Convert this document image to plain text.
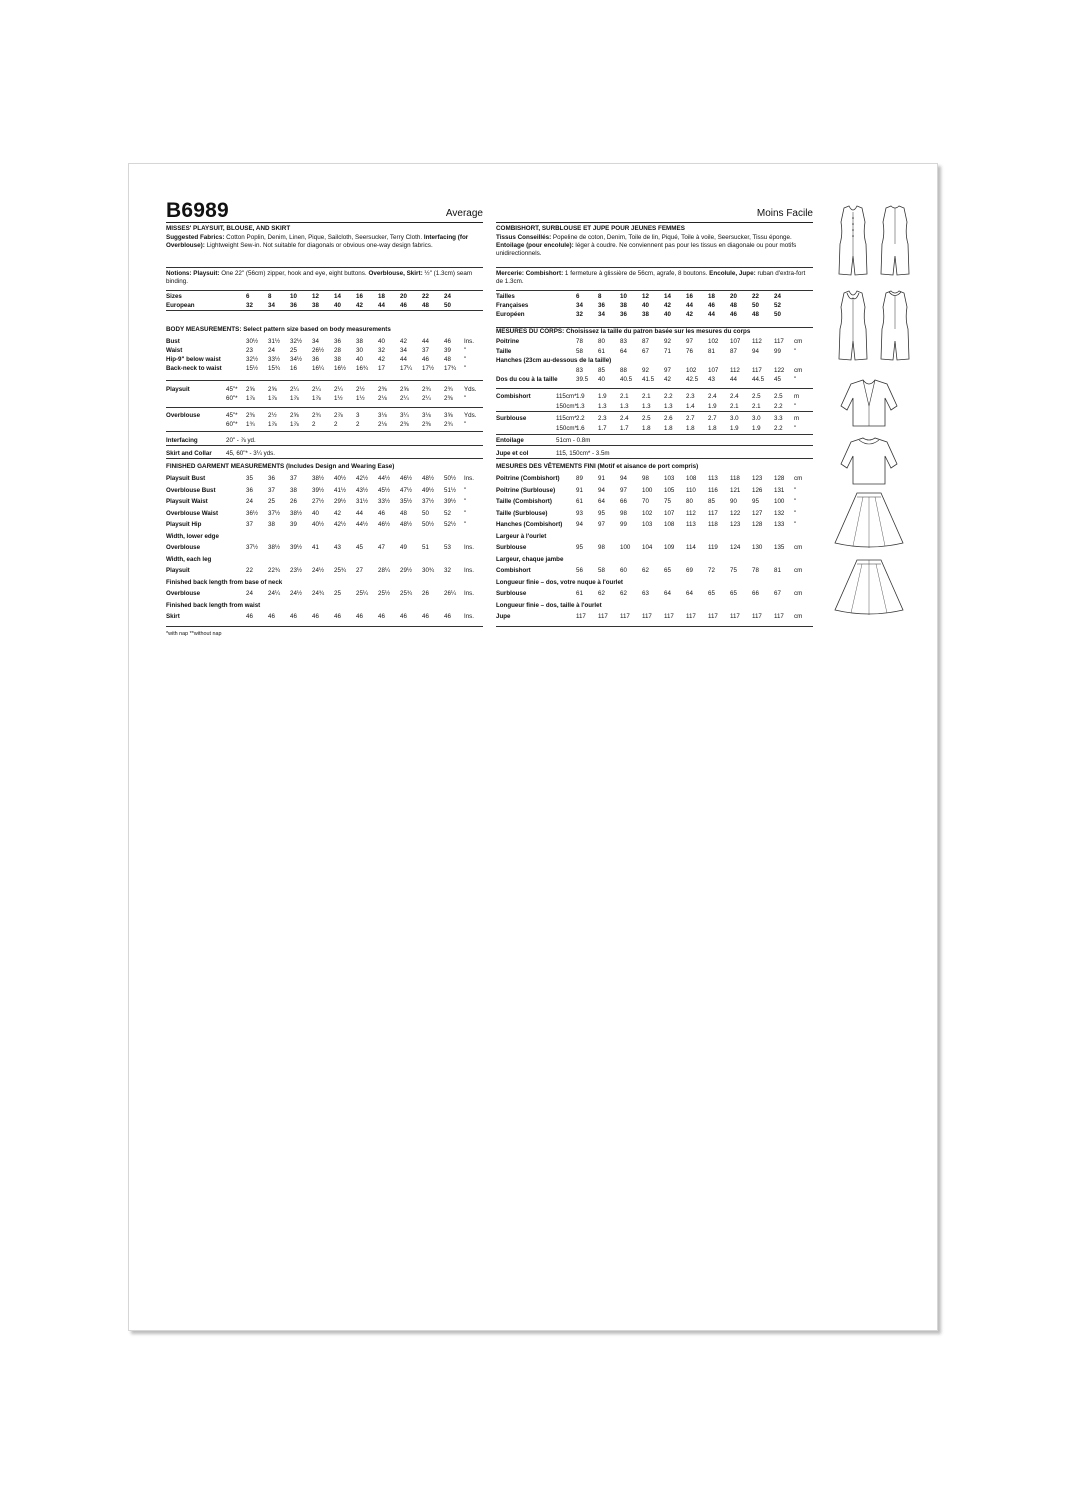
B6989	Average
MISSES' PLAYSUIT, BLOUSE, AND SKIRT
Suggested Fabrics: Cotton Poplin, Denim, Linen, Pique, Sailcloth, Seersucker, Terry Cloth. Interfacing (for Overblouse): Lightweight Sew-in. Not suitable for diagonals or obvious one-way design fabrics.
Notions: Playsuit: One 22" (56cm) zipper, hook and eye, eight buttons. Overblouse, Skirt: ½" (1.3cm) seam binding.
Sizes	6	8	10 12 14 16 18 20 22 24
European	32 34 36 38 40 42 44 46 48 50
BODY MEASUREMENTS: Select pattern size based on body measurements
Bust	30½ 31½ 32½ 34 36 38 40 42 44 46 Ins.
Waist	23 24 25 26½ 28 30 32 34 37 39 "
Hip-9" below waist	32½ 33½ 34½ 36 38 40 42 44 46 48 "
Back-neck to waist	15½ 15¾ 16 16¼ 16½ 16¾ 17 17¼ 17½ 17¾ "
Playsuit	45"* 2⅝ 2⅝ 2¼ 2¼ 2¼ 2½ 2⅜ 2⅝ 2¾ 2¾ Yds.
60"* 1⅞ 1⅞ 1⅞ 1⅞ 1½ 1½ 2⅛ 2¼ 2¼ 2⅜ "
Overblouse	45"* 2⅜ 2½ 2⅝ 2¾ 2⅞ 3	3⅛ 3¼ 3⅛ 3⅝ Yds.
60"* 1¾ 1⅞ 1⅞ 2	2	2	2⅛ 2⅜ 2⅜ 2¾ "
Interfacing	20" - ⅞ yd.
Skirt and Collar 45, 60"* - 3¼ yds.
FINISHED GARMENT MEASUREMENTS (Includes Design and Wearing Ease)
Playsuit Bust	35 36 37 38½ 40½ 42½ 44½ 46½ 48½ 50½ Ins.
Overblouse Bust	36 37 38 39½ 41½ 43½ 45½ 47½ 49½ 51½ "
Playsuit Waist	24 25 26 27½ 29½ 31½ 33½ 35½ 37½ 39½ "
Overblouse Waist	36½ 37½ 38½ 40 42 44 46 48 50 52 "
Playsuit Hip	37 38 39 40½ 42½ 44½ 46½ 48½ 50½ 52½ "
Width, lower edge
Overblouse	37½ 38½ 39½ 41 43 45 47 49 51 53 Ins.
Width, each leg
Playsuit	22 22¾ 23½ 24½ 25¾ 27 28¼ 29½ 30¾ 32 Ins.
Finished back length from base of neck
Overblouse	24 24¼ 24½ 24¾ 25 25¼ 25½ 25¾ 26 26¼ Ins.
Finished back length from waist
Skirt	46 46 46 46 46 46 46 46 46 46 Ins.
*with nap **without nap
Moins Facile
COMBISHORT, SURBLOUSE ET JUPE POUR JEUNES FEMMES
Tissus Conseillés: Popeline de coton, Denim, Toile de lin, Piqué, Toile à voile, Seersucker, Tissu éponge.
Entoilage (pour encolule): léger à coudre. Ne conviennent pas pour les tissus en diagonale ou pour motifs unidirectionnels.
Mercerie: Combishort: 1 fermeture à glissière de 56cm, agrafe, 8 boutons. Encolule, Jupe: ruban d'extra-fort de 1.3cm.
Tailles	6	8	10 12 14 16 18 20 22 24
Françaises	34 36 38 40 42 44 46 48 50 52
Européen	32 34 36 38 40 42 44 46 48 50
MESURES DU CORPS: Choisissez la taille du patron basée sur les mesures du corps
Poitrine	78 80 83 87 92 97 102 107 112 117 cm
Taille	58 61 64 67 71 76 81 87 94 99 "
Hanches (23cm au-dessous de la taille)
83 85 88 92 97 102 107 112 117 122 cm
Dos du cou à la taille	39.5 40 40.5 41.5 42 42.5 43 44 44.5 45 "
Combishort	115cm* 1.9 1.9 2.1 2.1 2.2 2.3 2.4 2.4 2.5 2.5 m
150cm* 1.3 1.3 1.3 1.3 1.3 1.4 1.9 2.1 2.1 2.2 "
Surblouse	115cm* 2.2 2.3 2.4 2.5 2.6 2.7 2.7 3.0 3.0 3.3 m
150cm* 1.6 1.7 1.7 1.8 1.8 1.8 1.8 1.9 1.9 2.2 "
Entoilage	51cm - 0.8m
Jupe et col	115, 150cm* - 3.5m
MESURES DES VÊTEMENTS FINI (Motif et aisance de port compris)
Poitrine (Combishort)	89 91 94 98 103 108 113 118 123 128 cm
Poitrine (Surblouse)	91 94 97 100 105 110 116 121 126 131 "
Taille (Combishort)	61 64 66 70 75 80 85 90 95 100 "
Taille (Surblouse)	93 95 98 102 107 112 117 122 127 132 "
Hanches (Combishort) 94 97 99 103 108 113 118 123 128 133 "
Largeur à l'ourlet
Surblouse	95 98 100 104 109 114 119 124 130 135 cm
Largeur, chaque jambe
Combishort	56 58 60 62 65 69 72 75 78 81 cm
Longueur finie – dos, votre nuque à l'ourlet
Surblouse	61 62 62 63 64 64 65 65 66 67 cm
Longueur finie – dos, taille à l'ourlet
Jupe	117 117 117 117 117 117 117 117 117 117 cm
